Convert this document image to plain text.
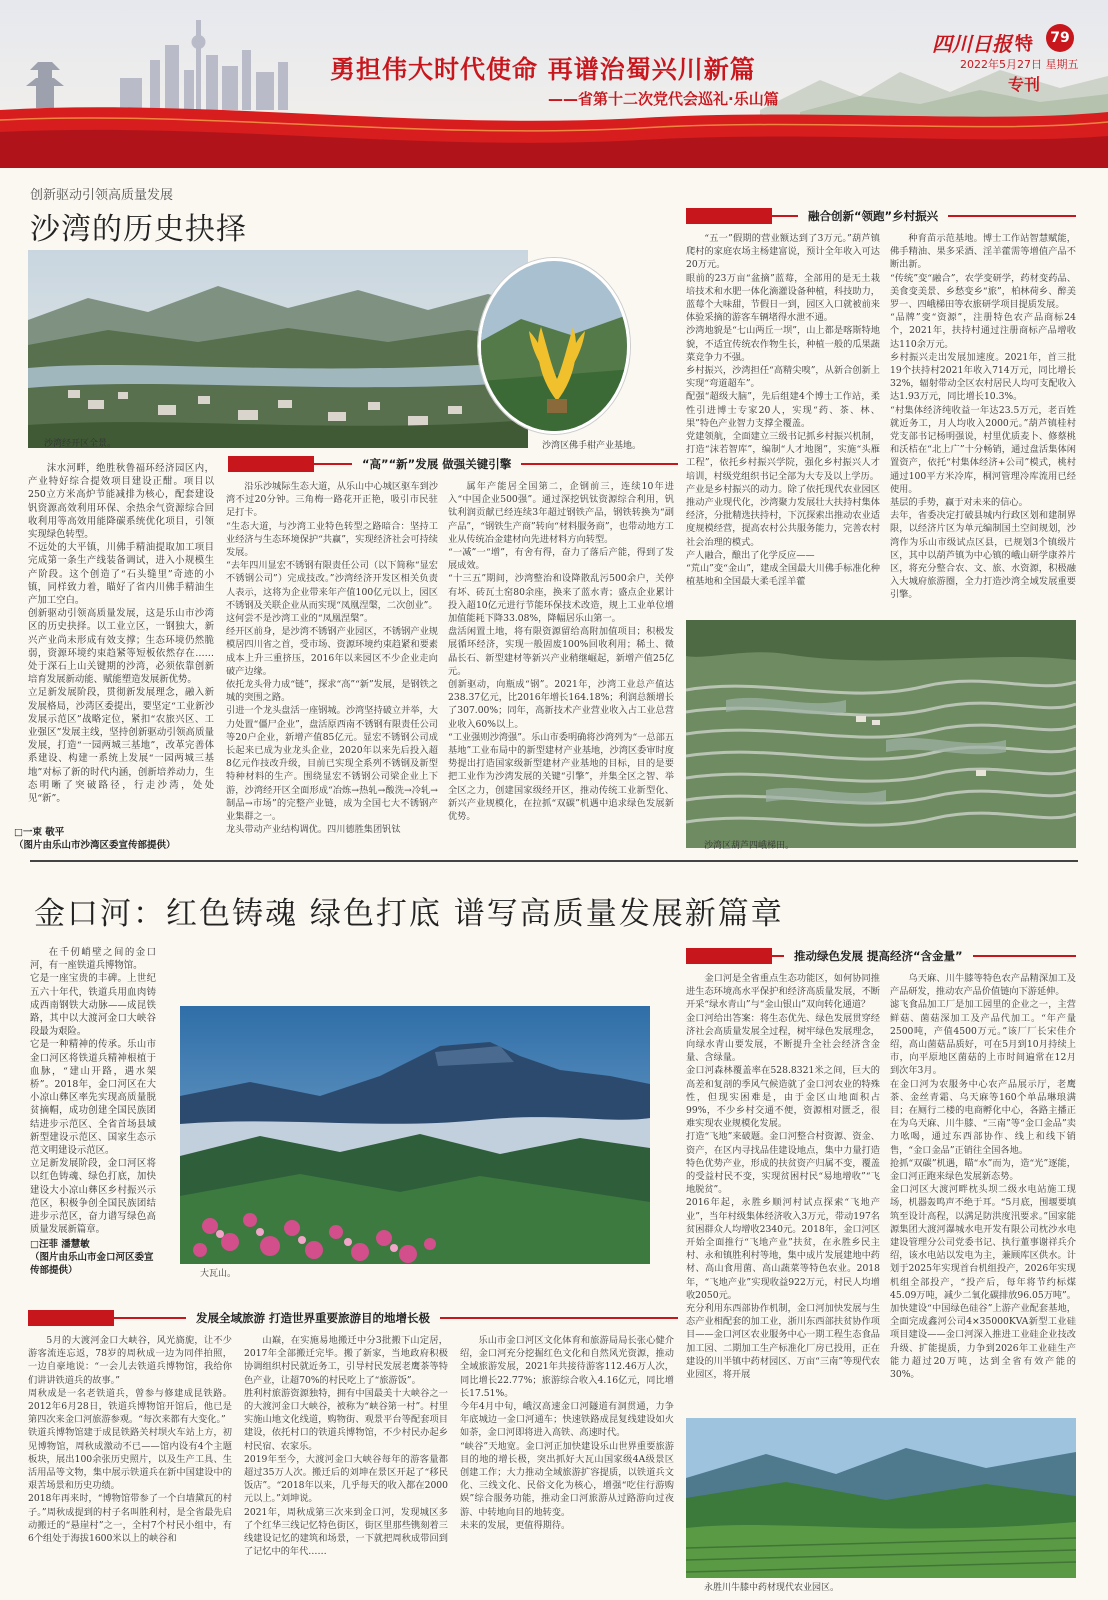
勇担伟大时代使命 再谱治蜀兴川新篇
——省第十二次党代会巡礼·乐山篇
四川日报 特	79
2022年5月27日 星期五
专刊
创新驱动引领高质量发展
沙湾的历史抉择
沙湾经开区全景。	沙湾区佛手柑产业基地。
沫水河畔，绝胜秋鲁福环经济园区内，产业特好综合提效项目建设正酣。项目以250立方米高炉节能减排为核心，配套建设钒资源高效利用环保、余热余气资源综合回收利用等高效用能降碳系统优化项目，引领实现绿色转型。
不远处的大平镇，川佛手精油提取加工项目完成第一条生产线装备调试，进入小规模生产阶段。这个创造了“石头缝里”奇迹的小镇，同样致力着，瞄好了省内川佛手精油生产加工空白。
创新驱动引领高质量发展，这是乐山市沙湾区的历史抉择。以工业立区，一钢独大，新兴产业尚未形成有效支撑；生态环境仍然脆弱，资源环境约束趋紧等短板依然存在……处于深石上山关键期的沙湾，必须依靠创新培育发展新动能、赋能塑造发展新优势。
立足新发展阶段，贯彻新发展理念，融入新发展格局，沙湾区委提出，要坚定“工业新沙发展示范区”战略定位，紧扣“农旅兴区、工业强区”发展主线，坚持创新驱动引领高质量发展，打造“一园两城三基地”，改革完善体系建设、构建一系统上发展“一园两城三基地”对标了新的时代内涵，创新培养动力，生态明晰了突破路径，行走沙湾，处处见“新”。
□一束 敬平
（图片由乐山市沙湾区委宣传部提供）
“高”“新”发展 做强关键引擎
沿乐沙城际生态大道，从乐山中心城区驱车到沙湾不过20分钟。三角梅一路花开正艳，吸引市民驻足打卡。
“生态大道，与沙湾工业特色转型之路暗合：坚持工业经济与生态环境保护“共赢”，实现经济社会可持续发展。
“去年四川显宏不锈钢有限责任公司（以下简称“显宏不锈钢公司”）完成技改。”沙湾经济开发区相关负责人表示，这将为企业带来年产值100亿元以上，园区不锈钢及关联企业从而实现“凤凰涅槃，二次创业”。
这何尝不是沙湾工业的“凤凰涅槃”。
经开区前身，是沙湾不锈钢产业园区，不锈钢产业规模居四川省之首，受市场、资源环境约束趋紧和要素成本上升三重挤压，2016年以来园区不少企业走向破产边缘。
依托龙头骨力成“链”，探求“高”“新”发展，是钢铁之城的突围之路。
引进一个龙头盘活一座钢城。沙湾坚持破立并举，大力处置“僵尸企业”，盘活原西南不锈钢有限责任公司等20户企业，新增产值85亿元。显宏不锈钢公司成长起来已成为业龙头企业，2020年以来先后投入超8亿元作技改升级，目前已实现全系列不锈钢及新型特种材料的生产。围绕显宏不锈钢公司梁企业上下游，沙湾经开区全面形成“冶炼→热轧→酸洗→冷轧→制品→市场”的完整产业链，成为全国七大不锈钢产业集群之一。
龙头带动产业结构调优。四川德胜集团钒钛
属年产能居全国第二，企钢前三，连续10年进入“中国企业500强”。通过深挖钒钛资源综合利用，钒钛利润贡献已经连续3年超过钢铁产品，钢铁转换为“副产品”，“钢铁生产商”转向“材料服务商”，也带动地方工业从传统冶金建材向先进材料方向转型。
“一减”一“增”，有舍有得，奋力了落后产能，得到了发展成效。
“十三五”期间，沙湾整治和设降散乱污500余户，关停有坏、砖瓦土窑80余座，换来了蓝水青；盛点企业累计投入超10亿元进行节能环保技术改造，规上工业单位增加值能耗下降33.08%，降幅居乐山第一。
盘活闲置土地，将有限资源留给高附加值项目；积极发展循环经济，实现一般固废100%回收利用；稀土、微晶长石、新型建材等新兴产业稍继崛起，新增产值25亿元。
创新驱动，向瓶成“钢”。2021年，沙湾工业总产值达238.37亿元，比2016年增长164.18%；利润总额增长了307.00%；同年，高新技术产业营业收入占工业总营业收入60%以上。
“工业强则沙湾强”。乐山市委明确将沙湾列为“一总部五基地”工业布局中的新型建材产业基地，沙湾区委审时度势提出打造国家级新型建材产业基地的目标，目的是要把工业作为沙湾发展的关键“引擎”，并集全区之智、举全区之力，创建国家级经开区，推动传统工业新型化、新兴产业规模化，在拉抓“双碳”机遇中追求绿色发展新优势。
融合创新“领跑”乡村振兴
“五一”假期的营业额达到了3万元。”葫芦镇爬村的家庭农场主杨建富说，预计全年收入可达20万元。
眼前的23万亩“盆摘”蓝莓，全部用的是无土栽培技术和水肥一体化滴灌设备种植，科技助力，蓝莓个大味甜，节假日一到，园区入口就被前来体验采摘的游客车辆堵得水泄不通。
沙湾地貌是“七山两丘一坝”，山上都是喀斯特地貌，不适宜传统农作物生长，种植一般的瓜果蔬菜竞争力不强。
乡村振兴，沙湾担任“高精尖嗅”，从新合创新上实现“弯道超车”。
配强“超级大脑”，先后组建4个博士工作站，柔性引进博士专家20人，实现“药、茶、林、果”特色产业智力支撑全覆盖。
党建领航，全面建立三级书记抓乡村振兴机制，打造“沫若智库”，编制“人才地图”，实施“头雁工程”，依托乡村振兴学院，强化乡村振兴人才培训，村级党组织书记全部为大专及以上学历。
产业是乡村振兴的动力。除了依托现代农业园区推动产业现代化，沙湾聚力发展壮大扶持村集体经济，分批精选扶持村，下沉探索出推动农业适度规模经营，提高农村公共服务能力，完善农村社会治理的模式。
产人融合，酿出了化学反应——
“荒山”变“金山”，建成全国最大川佛手标准化种植基地和全国最大柔毛淫羊藿
种育苗示范基地。博士工作站智慧赋能，佛手精油、果多采酒、淫羊藿需等增值产品不断出新。
“传统”变“融合”，农学变研学，药材变药品、美食变美景、乡愁变乡“旅”，柏林荷乡、醉美罗一、四峨梯田等农旅研学项目提质发展。
“品牌”变“资源”，注册特色农产品商标24个，2021年，扶持村通过注册商标产品增收达110余万元。
乡村振兴走出发展加速度。2021年，首三批19个扶持村2021年收入714万元，同比增长32%，辐射带动全区农村居民人均可支配收入达1.93万元，同比增长10.3%。
“村集体经济纯收益一年达23.5万元，老百姓就近务工，月人均收入2000元。”葫芦镇桂村党支部书记杨明强说，村里优质麦卜、修蔡桃和沃桔在“北上广”十分畅销，通过盘活集体闲置资产，依托“村集体经济+公司”模式，桃村通过100平方米冷库，桐河管理冷库流用已经使用。
基层的手势，赢于对未来的信心。
去年，省委决定打破县城内行政区划和建制界限，以经济片区为单元编制国土空间规划，沙湾作为乐山市级试点区县，已规划3个镇级片区，其中以葫芦镇为中心镇的峨山研学康养片区，将充分整合农、文、旅、水资源，积极融入大城府旅游圈，全力打造沙湾全域发展重要引擎。
沙湾区葫芦四峨梯田。
金口河：红色铸魂 绿色打底 谱写高质量发展新篇章
在千仞峭壁之间的金口河，有一座铁道兵博物馆。
它是一座宝贵的丰碑。上世纪五六十年代，铁道兵用血肉铸成西南钢铁大动脉——成昆铁路，其中以大渡河金口大峡谷段最为艰险。
它是一种精神的传承。乐山市金口河区将铁道兵精神根植于血脉，“建山开路，遇水架桥”。2018年，金口河区在大小凉山彝区率先实现高质量脱贫摘帽，成功创建全国民族团结进步示范区、全省首场县域新型建设示范区、国家生态示范文明建设示范区。
立足新发展阶段，金口河区将以红色铸魂、绿色打底，加快建设大小凉山彝区乡村振兴示范区，积极争创全国民族团结进步示范区，奋力谱写绿色高质量发展新篇章。
□汪菲 潘慧敏
（图片由乐山市金口河区委宣传部提供）	大瓦山。
推动绿色发展 提高经济“含金量”
金口河是全省重点生态功能区，如何协同推进生态环境高水平保护和经济高质量发展，不断开采“绿水青山”与“金山银山”双向转化通道？
金口河给出答案：将生态优先、绿色发展贯穿经济社会高质量发展全过程，树牢绿色发展理念，向绿水青山要发展，不断提升全社会经济含金量、含绿量。
金口河森林覆盖率在528.8321米之间，巨大的高差和复剖的季风气候造就了金口河农业的特殊性，但现实困难是，由于金区山地面积占99%，不少乡村交通不便，资源相对匮乏，很难实现农业规模化发展。
打造“飞地”来破题。金口河整合村资源、资金、资产，在区内寻找品佳建设地点，集中力量打造特色优势产业，形成的扶贫资产归属不变，覆盖的受益村民不变，实现贫困村民“易地增收”“飞地脱贫”。
2016年起，永胜乡顺河村试点探索“飞地产业”，当年村级集体经济收入3万元，带动197名贫困群众人均增收2340元。2018年，金口河区开始全面推行“飞地产业”扶贫，在永胜乡民主村、永和镇胜利村等地，集中成片发展建地中药材、高山食用菌、高山蔬菜等特色农业。2018年，“飞地产业”实现收益922万元，村民人均增收2050元。
充分利用东西部协作机制，金口河加快发展与生态产业相配套的加工业，浙川东西部扶贫协作项目——金口河区农业服务中心一期工程生态食品加工园、二期加工生产标准化厂房已投用，正在建设的川半镇中药材园区、万亩“三南”等现代农业园区，将开展
乌天麻、川牛膝等特色农产品精深加工及产品研发，推动农产品价值链向下游延伸。
滤飞食品加工厂是加工园里的企业之一，主营鲜菇、菌菇深加工及产品代加工。“年产量2500吨，产值4500万元。”该厂厂长宋佳介绍，高山菌菇品质好，可在5月到10月持续上市，向平原地区菌菇的上市时间遍常在12月到次年3月。
在金口河为农服务中心农产品展示厅，老鹰茶、金丝青霜、乌天麻等160个单品琳琅满目；在厕行二楼的电商孵化中心，各路主播正在为乌天麻、川牛膝、“三南”等“金口金品”卖力吆喝，通过东西部协作、线上和线下销售，“金口金品”正销往全国各地。
抢抓“双碳”机遇，瞄“水”而为，造“光”逐能，金口河正跑来绿色发展新态势。
金口河区大渡河畔枕头坝二级水电站施工现场，机器轰鸣声不绝于耳。“5月底，围堰要填筑至设计高程，以满足防洪度汛要求。”国家能源集团大渡河瀑城水电开发有限公司枕沙水电建设管理分公司党委书记、执行董事谢祥兵介绍，该水电站以发电为主，兼顾库区供水。计划于2025年实现首台机组投产，2026年实现机组全部投产，“投产后，每年将节约标煤45.09万吨，减少二氧化碳排放96.05万吨”。
加快建设“中国绿色硅谷”上游产业配套基地，全面完成鑫河公司4×35000KVA新型工业硅项目建设——金口河深入推进工业硅企业技改升级、扩能提质，力争到2026年工业硅生产能力超过20万吨，达到全省有效产能的30%。
永胜川牛膝中药材现代农业园区。
发展全域旅游 打造世界重要旅游目的地增长极
5月的大渡河金口大峡谷，风光旖旎，让不少游客流连忘返，78岁的周秋成一边为同伴拍照，一边自豪地说：“一会儿去铁道兵博物馆，我给你们讲讲铁道兵的故事。”
周秋成是一名老铁道兵，曾参与修建成昆铁路。2012年6月28日，铁道兵博物馆开馆后，他已是第四次来金口河旅游参观。“每次来都有大变化。”
铁道兵博物馆建于成昆铁路关村坝火车站上方，初见博物馆，周秋成激动不已——馆内设有4个主题板块，展出100余张历史照片，以及生产工具、生活用品等文物，集中展示铁道兵在新中国建设中的艰苦场景和历史功绩。
2018年再来时，“博物馆带参了一个白墙黛瓦的村子。”周秋成提到的村子名叫胜利村，是全省最先启动搬迁的“悬崖村”之一，全村7个村民小组中，有6个组处于海拔1600米以上的峡谷和
山巅，在实施易地搬迁中分3批搬下山定居，2017年全部搬迁完毕。搬了新家，当地政府积极协调组织村民就近务工，引导村民发展老鹰茶等特色产业，让超70%的村民吃上了“旅游饭”。
胜利村旅游资源独特，拥有中国最美十大峡谷之一的大渡河金口大峡谷，被称为“峡谷第一村”。村里实施山地文化线道，购物街、观景平台等配套项目建设，依托村口的铁道兵博物馆，不少村民办起乡村民宿、农家乐。
2019年至今，大渡河金口大峡谷每年的游客量都超过35万人次。搬迁后的刘坤在景区开起了“移民饭店”。“2018年以来，几乎每天的收入都在2000元以上。”刘坤说。
2021年，周秋成第三次来到金口河，发现城区多了个红华三线记忆特色街区，街区里那些镌刻着三线建设记忆的建筑和场景，一下就把周秋成带回到了记忆中的年代……
乐山市金口河区文化体育和旅游局局长张心健介绍，金口河充分挖掘红色文化和自然风光资源，推动全域旅游发展，2021年共接待游客112.46万人次，同比增长22.77%；旅游综合收入4.16亿元，同比增长17.51%。
今年4月中旬，峨汉高速金口河隧道有洞贯通，力争年底城边一金口河通车；快速铁路成昆复线建设如火如荼，金口河即将进入高铁、高速时代。
“峡谷”天地宽。金口河正加快建设乐山世界重要旅游目的地的增长极，突出抓好大瓦山国家级4A级景区创建工作；大力推动全域旅游扩容提质，以铁道兵文化、三线文化、民俗文化为核心，增强“吃住行游购娱”综合服务功能，推动金口河旅游从过路游向过夜游、中转地向目的地转变。
未来的发展，更值得期待。
